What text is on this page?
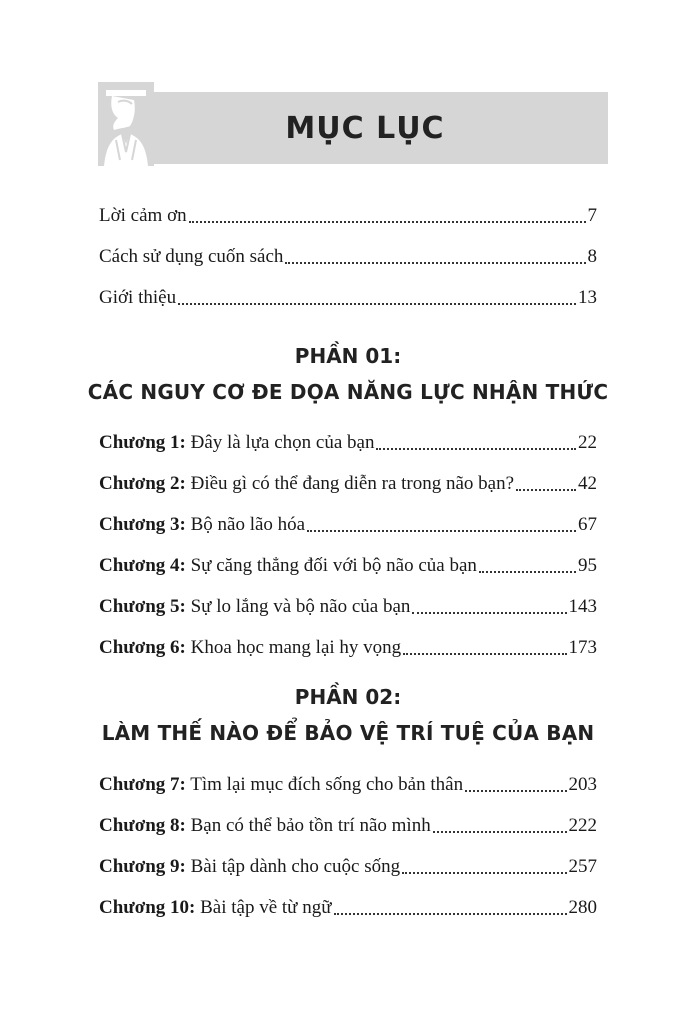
MỤC LỤC
Lời cảm ơn	7
Cách sử dụng cuốn sách	8
Giới thiệu	13
PHẦN 01:
CÁC NGUY CƠ ĐE DỌA NĂNG LỰC NHẬN THỨC
Chương 1: Đây là lựa chọn của bạn	22
Chương 2: Điều gì có thể đang diễn ra trong não bạn?	42
Chương 3: Bộ não lão hóa	67
Chương 4: Sự căng thẳng đối với bộ não của bạn	95
Chương 5: Sự lo lắng và bộ não của bạn	143
Chương 6: Khoa học mang lại hy vọng	173
PHẦN 02:
LÀM THẾ NÀO ĐỂ BẢO VỆ TRÍ TUỆ CỦA BẠN
Chương 7: Tìm lại mục đích sống cho bản thân	203
Chương 8: Bạn có thể bảo tồn trí não mình	222
Chương 9: Bài tập dành cho cuộc sống	257
Chương 10: Bài tập về từ ngữ	280
